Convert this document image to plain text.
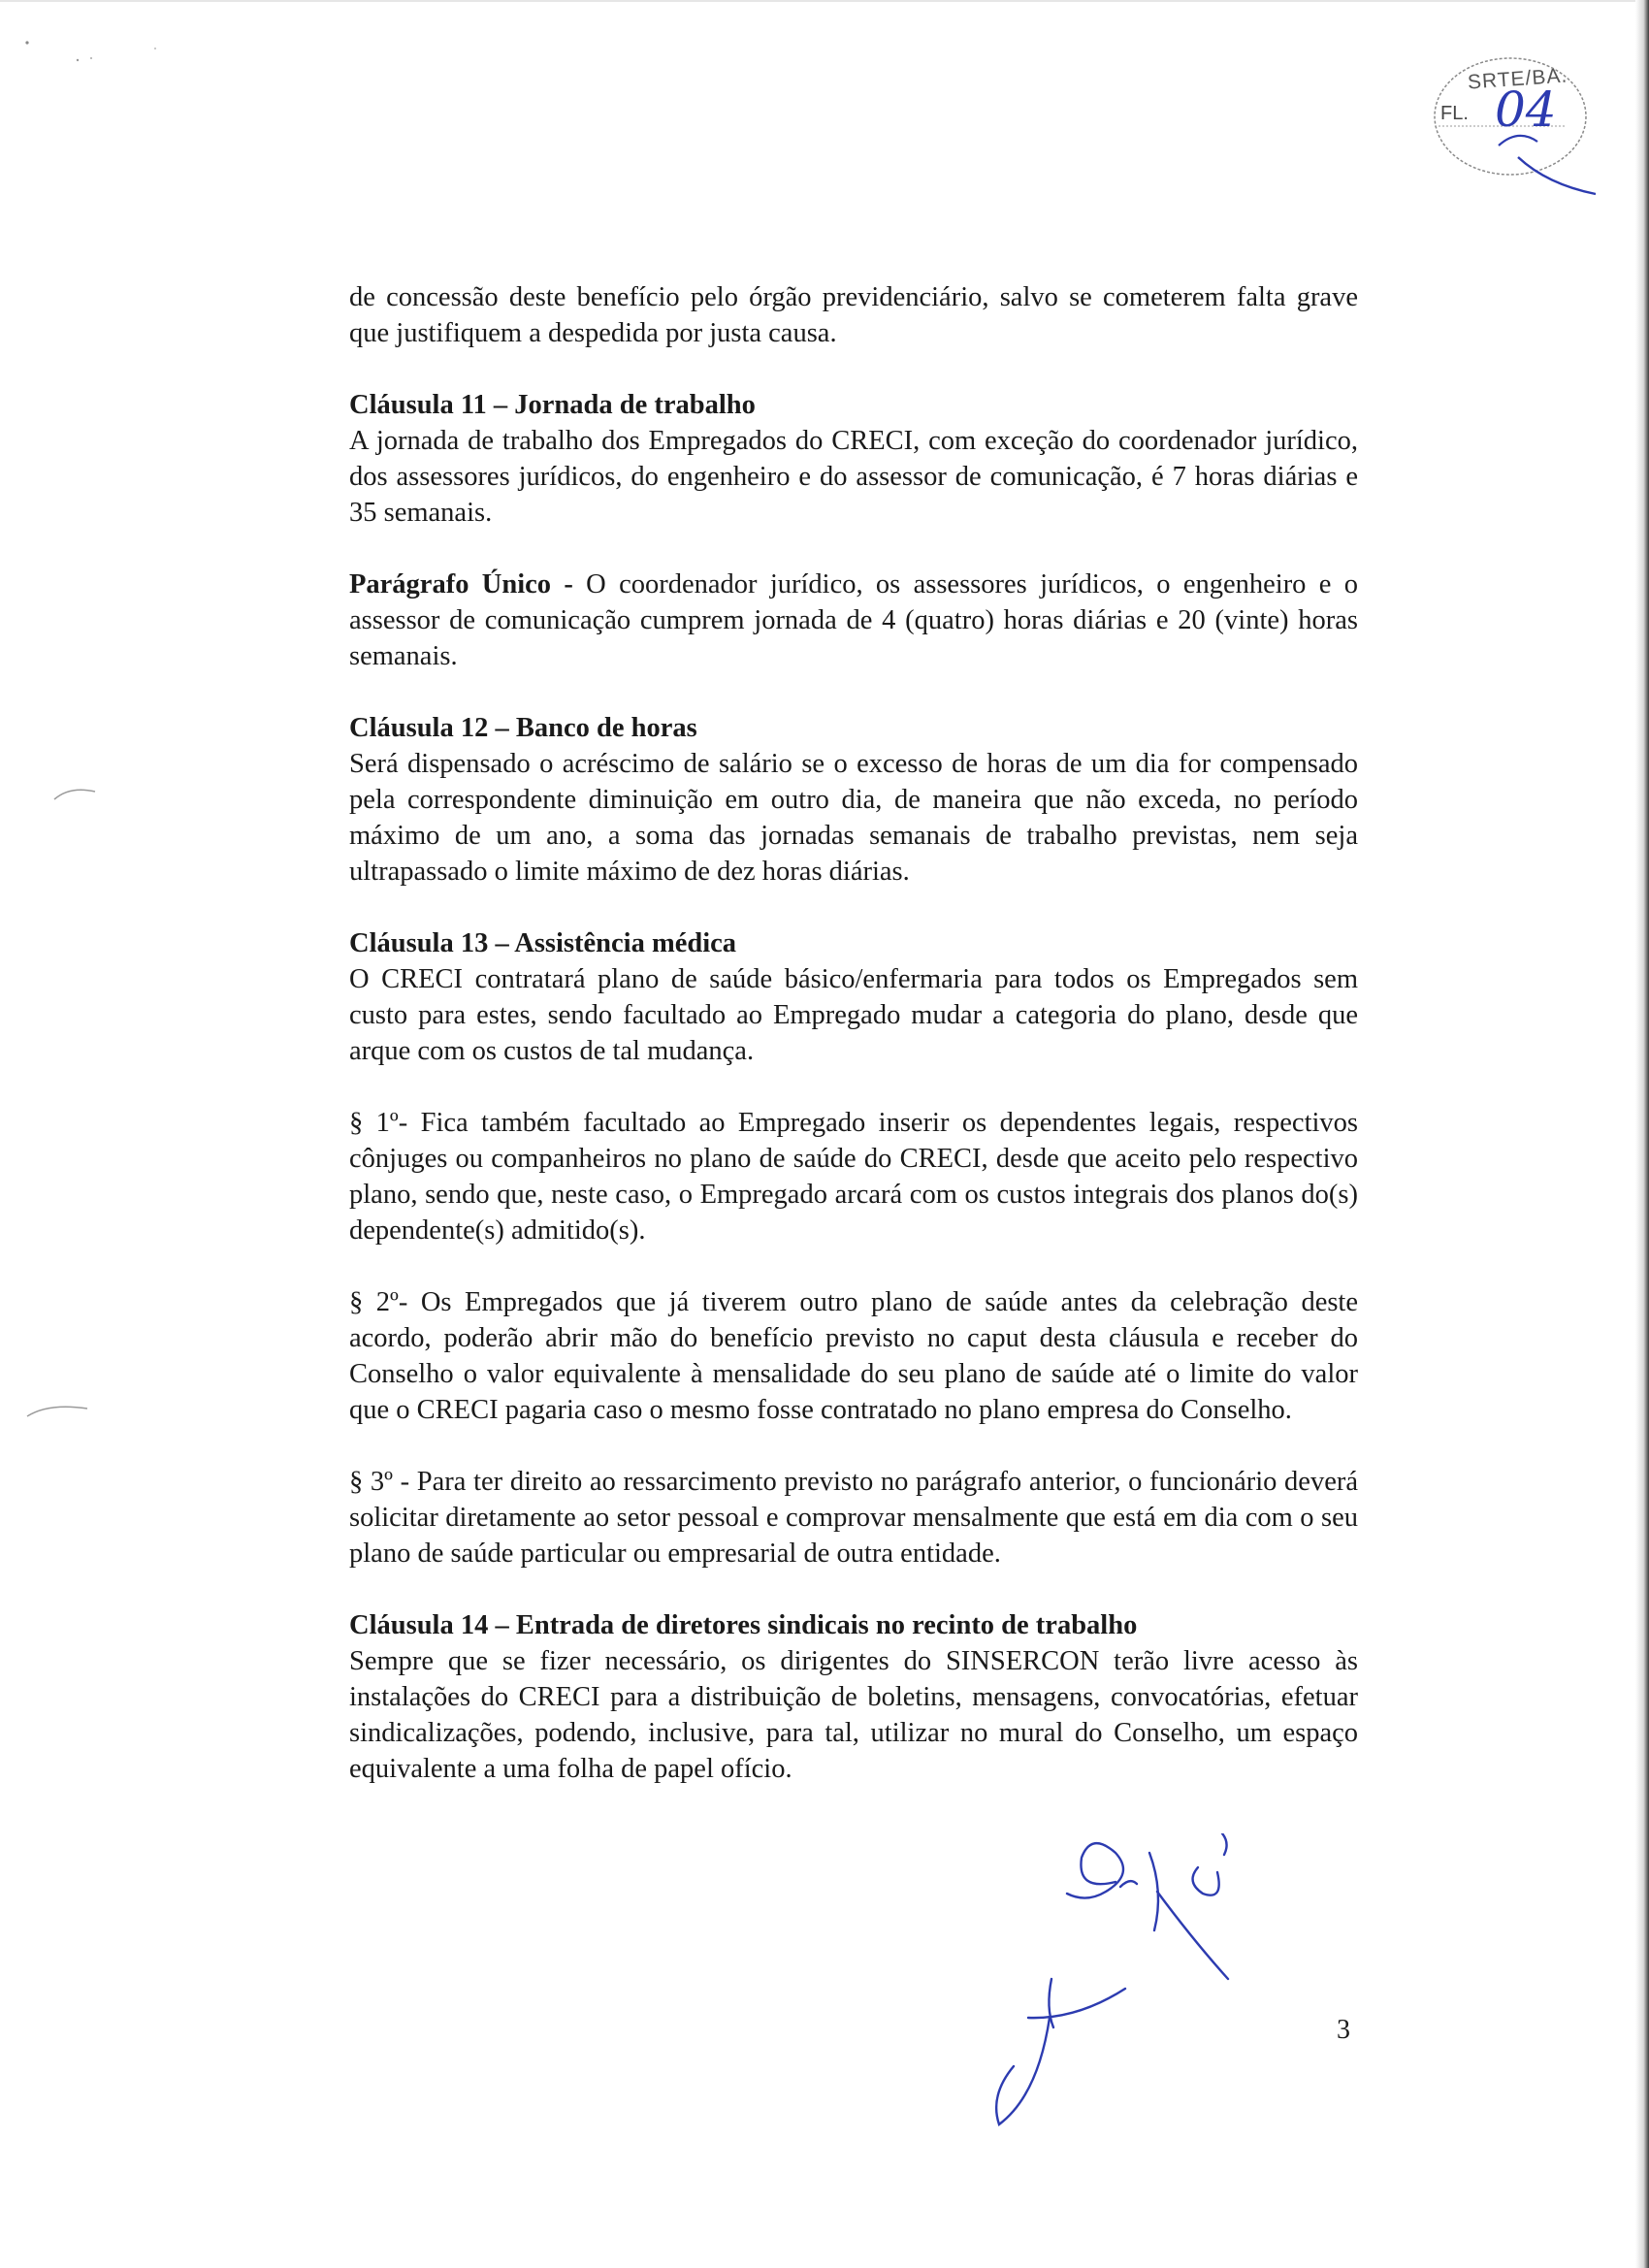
SRTE/BA.
FL. 04

de concessão deste benefício pelo órgão previdenciário, salvo se cometerem falta grave que justifiquem a despedida por justa causa.

Cláusula 11 – Jornada de trabalho

A jornada de trabalho dos Empregados do CRECI, com exceção do coordenador jurídico, dos assessores jurídicos, do engenheiro e do assessor de comunicação, é 7 horas diárias e 35 semanais.

Parágrafo Único - O coordenador jurídico, os assessores jurídicos, o engenheiro e o assessor de comunicação cumprem jornada de 4 (quatro) horas diárias e 20 (vinte) horas semanais.

Cláusula 12 – Banco de horas

Será dispensado o acréscimo de salário se o excesso de horas de um dia for compensado pela correspondente diminuição em outro dia, de maneira que não exceda, no período máximo de um ano, a soma das jornadas semanais de trabalho previstas, nem seja ultrapassado o limite máximo de dez horas diárias.

Cláusula 13 – Assistência médica

O CRECI contratará plano de saúde básico/enfermaria para todos os Empregados sem custo para estes, sendo facultado ao Empregado mudar a categoria do plano, desde que arque com os custos de tal mudança.

§ 1º- Fica também facultado ao Empregado inserir os dependentes legais, respectivos cônjuges ou companheiros no plano de saúde do CRECI, desde que aceito pelo respectivo plano, sendo que, neste caso, o Empregado arcará com os custos integrais dos planos do(s) dependente(s) admitido(s).

§ 2º- Os Empregados que já tiverem outro plano de saúde antes da celebração deste acordo, poderão abrir mão do benefício previsto no caput desta cláusula e receber do Conselho o valor equivalente à mensalidade do seu plano de saúde até o limite do valor que o CRECI pagaria caso o mesmo fosse contratado no plano empresa do Conselho.

§ 3º - Para ter direito ao ressarcimento previsto no parágrafo anterior, o funcionário deverá solicitar diretamente ao setor pessoal e comprovar mensalmente que está em dia com o seu plano de saúde particular ou empresarial de outra entidade.

Cláusula 14 – Entrada de diretores sindicais no recinto de trabalho

Sempre que se fizer necessário, os dirigentes do SINSERCON terão livre acesso às instalações do CRECI para a distribuição de boletins, mensagens, convocatórias, efetuar sindicalizações, podendo, inclusive, para tal, utilizar no mural do Conselho, um espaço equivalente a uma folha de papel ofício.

3
